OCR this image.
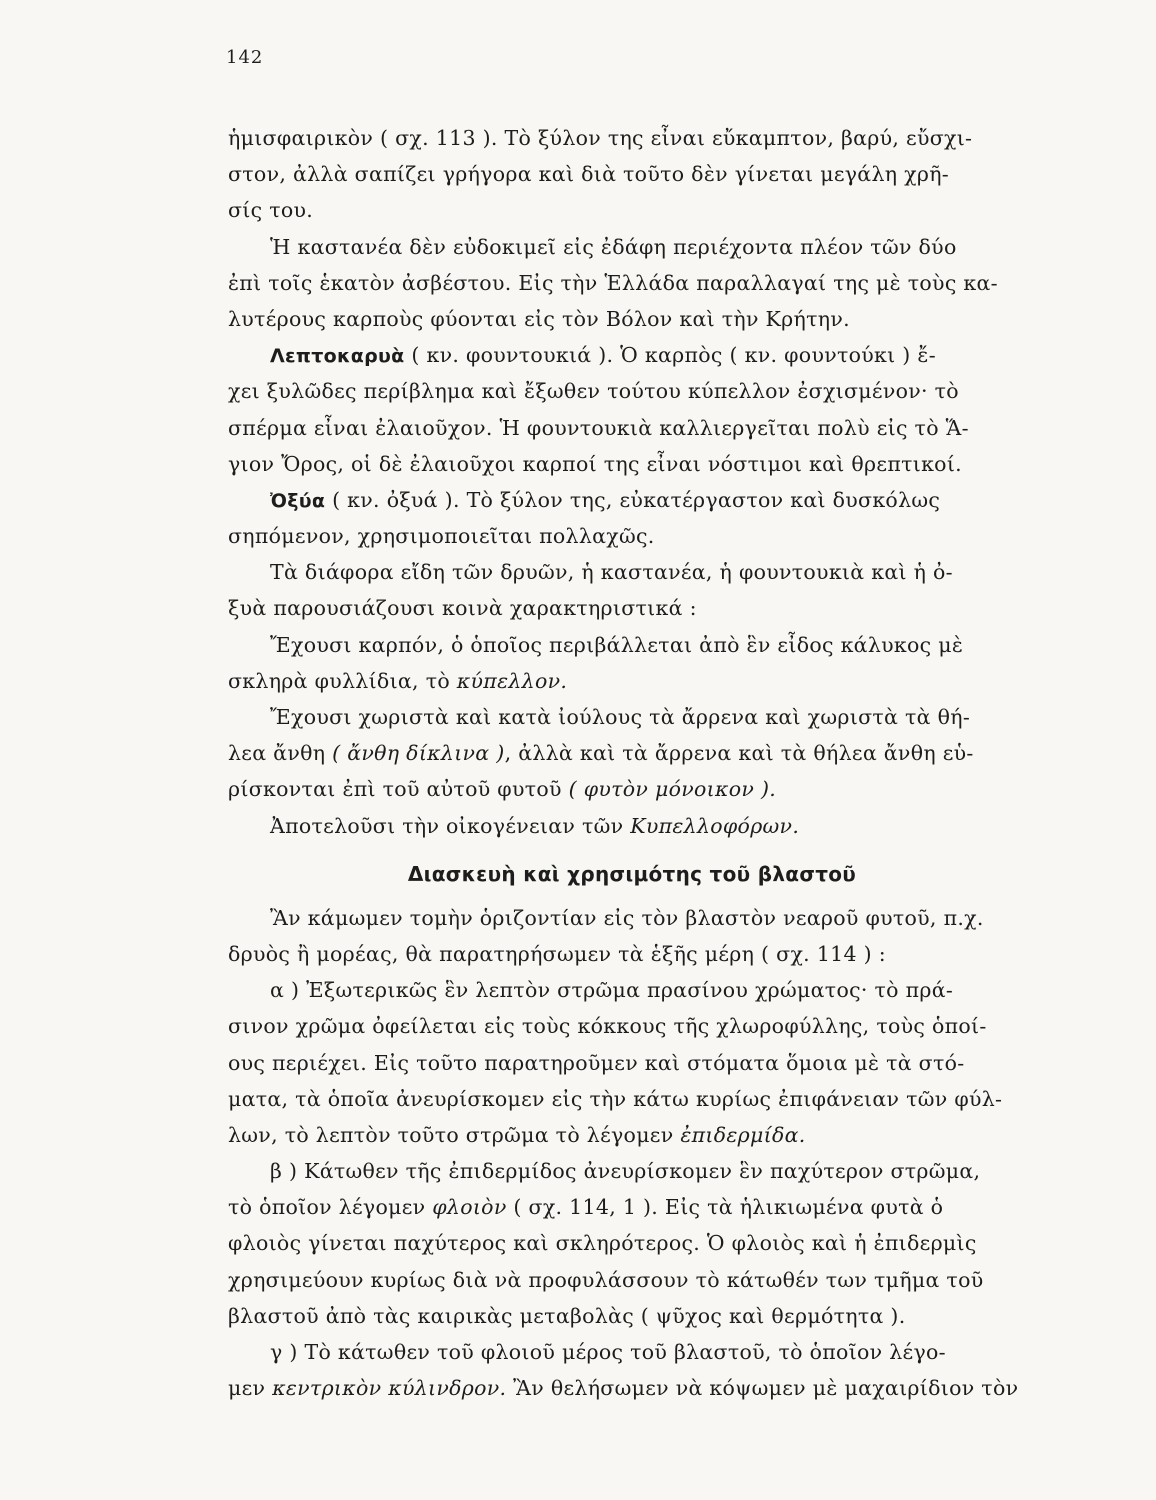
142
ἡμισφαιρικὸν ( σχ. 113 ). Τὸ ξύλον της εἶναι εὔκαμπτον, βαρύ, εὔσχι-
στον, ἀλλὰ σαπίζει γρήγορα καὶ διὰ τοῦτο δὲν γίνεται μεγάλη χρῆ-
σίς του.
Ἡ καστανέα δὲν εὐδοκιμεῖ εἰς ἐδάφη περιέχοντα πλέον τῶν δύο
ἐπὶ τοῖς ἑκατὸν ἀσβέστου. Εἰς τὴν Ἑλλάδα παραλλαγαί της μὲ τοὺς κα-
λυτέρους καρποὺς φύονται εἰς τὸν Βόλον καὶ τὴν Κρήτην.
Λεπτοκαρυὰ ( κν. φουντουκιά ). Ὁ καρπὸς ( κν. φουντούκι ) ἔ-
χει ξυλῶδες περίβλημα καὶ ἔξωθεν τούτου κύπελλον ἐσχισμένον· τὸ
σπέρμα εἶναι ἐλαιοῦχον. Ἡ φουντουκιὰ καλλιεργεῖται πολὺ εἰς τὸ Ἅ-
γιον Ὄρος, οἱ δὲ ἐλαιοῦχοι καρποί της εἶναι νόστιμοι καὶ θρεπτικοί.
Ὀξύα ( κν. ὀξυά ). Τὸ ξύλον της, εὐκατέργαστον καὶ δυσκόλως
σηπόμενον, χρησιμοποιεῖται πολλαχῶς.
Τὰ διάφορα εἴδη τῶν δρυῶν, ἡ καστανέα, ἡ φουντουκιὰ καὶ ἡ ὀ-
ξυὰ παρουσιάζουσι κοινὰ χαρακτηριστικά :
Ἔχουσι καρπόν, ὁ ὁποῖος περιβάλλεται ἀπὸ ἓν εἶδος κάλυκος μὲ
σκληρὰ φυλλίδια, τὸ κύπελλον.
Ἔχουσι χωριστὰ καὶ κατὰ ἰούλους τὰ ἄρρενα καὶ χωριστὰ τὰ θή-
λεα ἄνθη ( ἄνθη δίκλινα ), ἀλλὰ καὶ τὰ ἄρρενα καὶ τὰ θήλεα ἄνθη εὑ-
ρίσκονται ἐπὶ τοῦ αὐτοῦ φυτοῦ ( φυτὸν μόνοικον ).
Ἀποτελοῦσι τὴν οἰκογένειαν τῶν Κυπελλοφόρων.
Διασκευὴ καὶ χρησιμότης τοῦ βλαστοῦ
Ἂν κάμωμεν τομὴν ὁριζοντίαν εἰς τὸν βλαστὸν νεαροῦ φυτοῦ, π.χ.
δρυὸς ἢ μορέας, θὰ παρατηρήσωμεν τὰ ἑξῆς μέρη ( σχ. 114 ) :
α ) Ἐξωτερικῶς ἓν λεπτὸν στρῶμα πρασίνου χρώματος· τὸ πρά-
σινον χρῶμα ὀφείλεται εἰς τοὺς κόκκους τῆς χλωροφύλλης, τοὺς ὁποί-
ους περιέχει. Εἰς τοῦτο παρατηροῦμεν καὶ στόματα ὅμοια μὲ τὰ στό-
ματα, τὰ ὁποῖα ἀνευρίσκομεν εἰς τὴν κάτω κυρίως ἐπιφάνειαν τῶν φύλ-
λων, τὸ λεπτὸν τοῦτο στρῶμα τὸ λέγομεν ἐπιδερμίδα.
β ) Κάτωθεν τῆς ἐπιδερμίδος ἀνευρίσκομεν ἓν παχύτερον στρῶμα,
τὸ ὁποῖον λέγομεν φλοιὸν ( σχ. 114, 1 ). Εἰς τὰ ἡλικιωμένα φυτὰ ὁ
φλοιὸς γίνεται παχύτερος καὶ σκληρότερος. Ὁ φλοιὸς καὶ ἡ ἐπιδερμὶς
χρησιμεύουν κυρίως διὰ νὰ προφυλάσσουν τὸ κάτωθέν των τμῆμα τοῦ
βλαστοῦ ἀπὸ τὰς καιρικὰς μεταβολὰς ( ψῦχος καὶ θερμότητα ).
γ ) Τὸ κάτωθεν τοῦ φλοιοῦ μέρος τοῦ βλαστοῦ, τὸ ὁποῖον λέγο-
μεν κεντρικὸν κύλινδρον. Ἂν θελήσωμεν νὰ κόψωμεν μὲ μαχαιρίδιον τὸν
